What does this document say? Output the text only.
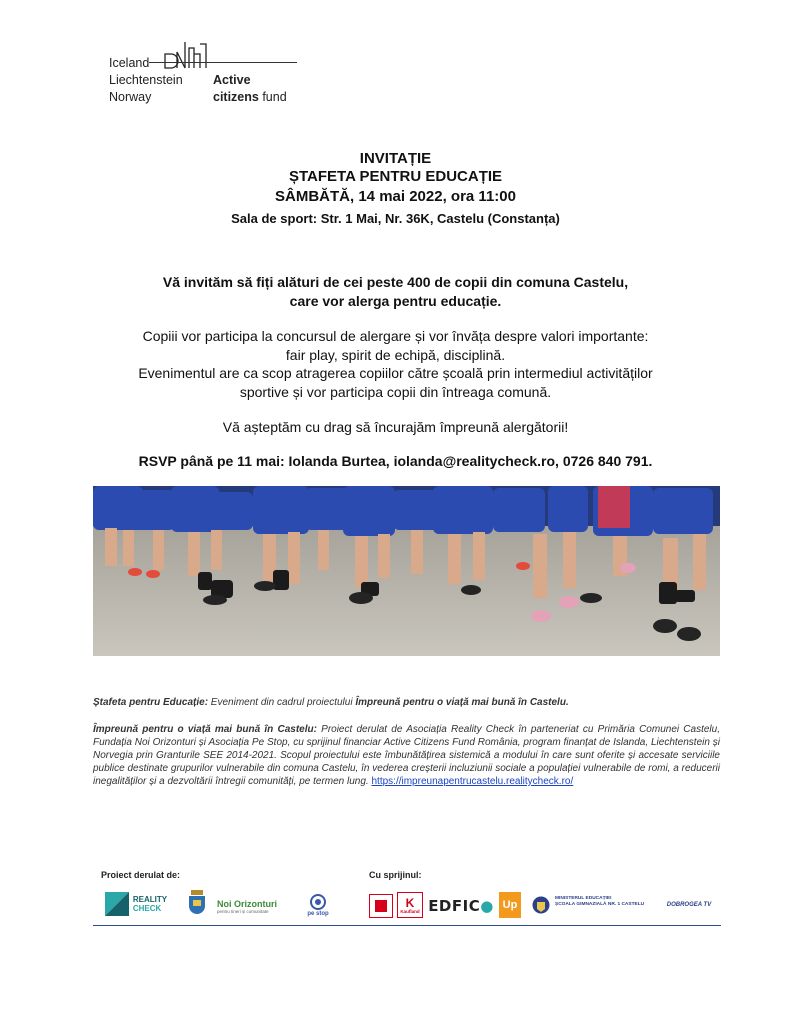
Iceland
Liechtenstein
Norway
Active
citizens fund
INVITAȚIE
ȘTAFETA PENTRU EDUCAȚIE
SÂMBĂTĂ, 14 mai 2022, ora 11:00
Sala de sport: Str. 1 Mai, Nr. 36K, Castelu (Constanța)
Vă invităm să fiți alături de cei peste 400 de copii din comuna Castelu,
care vor alerga pentru educație.
Copiii vor participa la concursul de alergare și vor învăța despre valori importante:
fair play, spirit de echipă, disciplină.
Evenimentul are ca scop atragerea copiilor către școală prin intermediul activităților
sportive și vor participa copii din întreaga comună.
Vă așteptăm cu drag să încurajăm împreună alergătorii!
RSVP până pe 11 mai: Iolanda Burtea, iolanda@realitycheck.ro, 0726 840 791.
Ștafeta pentru Educație: Eveniment din cadrul proiectului Împreună pentru o viață mai bună în Castelu.
Împreună pentru o viață mai bună în Castelu: Proiect derulat de Asociația Reality Check în parteneriat cu Primăria Comunei Castelu, Fundația Noi Orizonturi și Asociația Pe Stop, cu sprijinul financiar Active Citizens Fund România, program finanțat de Islanda, Liechtenstein și Norvegia prin Granturile SEE 2014-2021. Scopul proiectului este îmbunătățirea sistemică a modului în care sunt oferite și accesate serviciile publice destinate grupurilor vulnerabile din comuna Castelu, în vederea creșterii incluziunii sociale a populației vulnerabile de romi, a reducerii inegalităților și a dezvoltării întregii comunități, pe termen lung. https://impreunapentrucastelu.realitycheck.ro/
Proiect derulat de:	Cu sprijinul:
REALITY
CHECK	Noi Orizonturi
pentru tineri și comunitate	pe stop
K
Kaufland EDFIC ● Up
MINISTERUL EDUCAȚIEI
ȘCOALA GIMNAZIALĂ NR. 1 CASTELU	DOBROGEA TV
